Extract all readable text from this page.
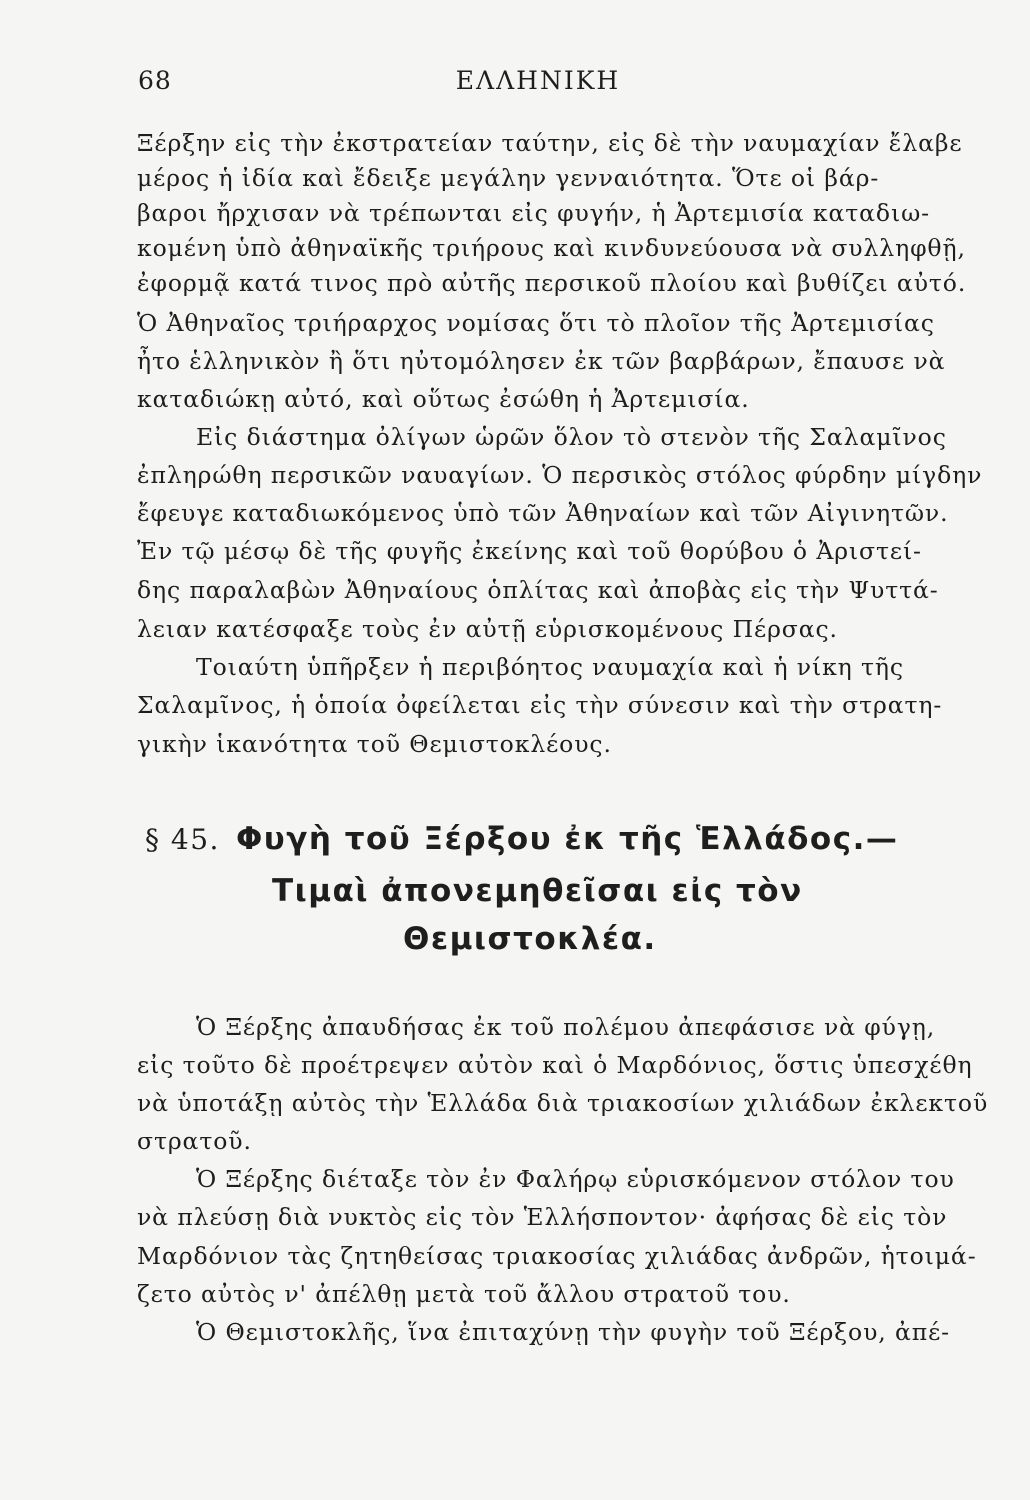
68	ΕΛΛΗΝΙΚΗ
Ξέρξην εἰς τὴν ἐκστρατείαν ταύτην, εἰς δὲ τὴν ναυμαχίαν ἔλαβε
μέρος ἡ ἰδία καὶ ἔδειξε μεγάλην γενναιότητα. Ὅτε οἱ βάρ-
βαροι ἤρχισαν νὰ τρέπωνται εἰς φυγήν, ἡ Ἀρτεμισία καταδιω-
κομένη ὑπὸ ἀθηναϊκῆς τριήρους καὶ κινδυνεύουσα νὰ συλληφθῇ,
ἐφορμᾷ κατά τινος πρὸ αὐτῆς περσικοῦ πλοίου καὶ βυθίζει αὐτό.
Ὁ Ἀθηναῖος τριήραρχος νομίσας ὅτι τὸ πλοῖον τῆς Ἀρτεμισίας
ἦτο ἑλληνικὸν ἢ ὅτι ηὐτομόλησεν ἐκ τῶν βαρβάρων, ἔπαυσε νὰ
καταδιώκῃ αὐτό, καὶ οὕτως ἐσώθη ἡ Ἀρτεμισία.
Εἰς διάστημα ὀλίγων ὡρῶν ὅλον τὸ στενὸν τῆς Σαλαμῖνος
ἐπληρώθη περσικῶν ναυαγίων. Ὁ περσικὸς στόλος φύρδην μίγδην
ἔφευγε καταδιωκόμενος ὑπὸ τῶν Ἀθηναίων καὶ τῶν Αἰγινητῶν.
Ἐν τῷ μέσῳ δὲ τῆς φυγῆς ἐκείνης καὶ τοῦ θορύβου ὁ Ἀριστεί-
δης παραλαβὼν Ἀθηναίους ὁπλίτας καὶ ἀποβὰς εἰς τὴν Ψυττά-
λειαν κατέσφαξε τοὺς ἐν αὐτῇ εὑρισκομένους Πέρσας.
Τοιαύτη ὑπῆρξεν ἡ περιβόητος ναυμαχία καὶ ἡ νίκη τῆς
Σαλαμῖνος, ἡ ὁποία ὀφείλεται εἰς τὴν σύνεσιν καὶ τὴν στρατη-
γικὴν ἱκανότητα τοῦ Θεμιστοκλέους.
§ 45. Φυγὴ τοῦ Ξέρξου ἐκ τῆς Ἑλλάδος.—
Τιμαὶ ἀπονεμηθεῖσαι εἰς τὸν
Θεμιστοκλέα.
Ὁ Ξέρξης ἀπαυδήσας ἐκ τοῦ πολέμου ἀπεφάσισε νὰ φύγῃ,
εἰς τοῦτο δὲ προέτρεψεν αὐτὸν καὶ ὁ Μαρδόνιος, ὅστις ὑπεσχέθη
νὰ ὑποτάξῃ αὐτὸς τὴν Ἑλλάδα διὰ τριακοσίων χιλιάδων ἐκλεκτοῦ
στρατοῦ.
Ὁ Ξέρξης διέταξε τὸν ἐν Φαλήρῳ εὑρισκόμενον στόλον του
νὰ πλεύσῃ διὰ νυκτὸς εἰς τὸν Ἑλλήσποντον· ἀφήσας δὲ εἰς τὸν
Μαρδόνιον τὰς ζητηθείσας τριακοσίας χιλιάδας ἀνδρῶν, ἡτοιμά-
ζετο αὐτὸς ν' ἀπέλθῃ μετὰ τοῦ ἄλλου στρατοῦ του.
Ὁ Θεμιστοκλῆς, ἵνα ἐπιταχύνῃ τὴν φυγὴν τοῦ Ξέρξου, ἀπέ-
